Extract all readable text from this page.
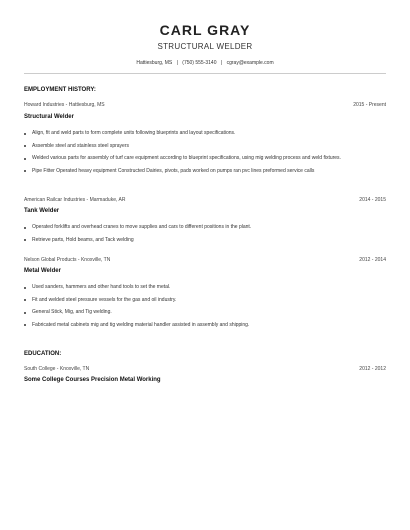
CARL GRAY
STRUCTURAL WELDER
Hattiesburg, MS | (750) 555-3140 | cgray@example.com
EMPLOYMENT HISTORY:
Howard Industries - Hattiesburg, MS	2015 - Present
Structural Welder
Align, fit and weld parts to form complete units following blueprints and layout specifications.
Assemble steel and stainless steel sprayers
Welded various parts for assembly of turf care equipment according to blueprint specifications, using mig welding process and weld fixtures.
Pipe Fitter Operated heavy equipment Constructed Dairies, pivots, pads worked on pumps ran pvc lines preformed service calls
American Railcar Industries - Marmaduke, AR	2014 - 2015
Tank Welder
Operated forklifts and overhead cranes to move supplies and cars to different positions in the plant.
Retrieve parts, Hold beams, and Tack welding
Nelson Global Products - Knoxville, TN	2012 - 2014
Metal Welder
Used sanders, hammers and other hand tools to set the metal.
Fit and welded steel pressure vessels for the gas and oil industry.
General Stick, Mig, and Tig welding.
Fabricated metal cabinets mig and tig welding material handler assisted in assembly and shipping.
EDUCATION:
South College - Knoxville, TN	2012 - 2012
Some College Courses Precision Metal Working
